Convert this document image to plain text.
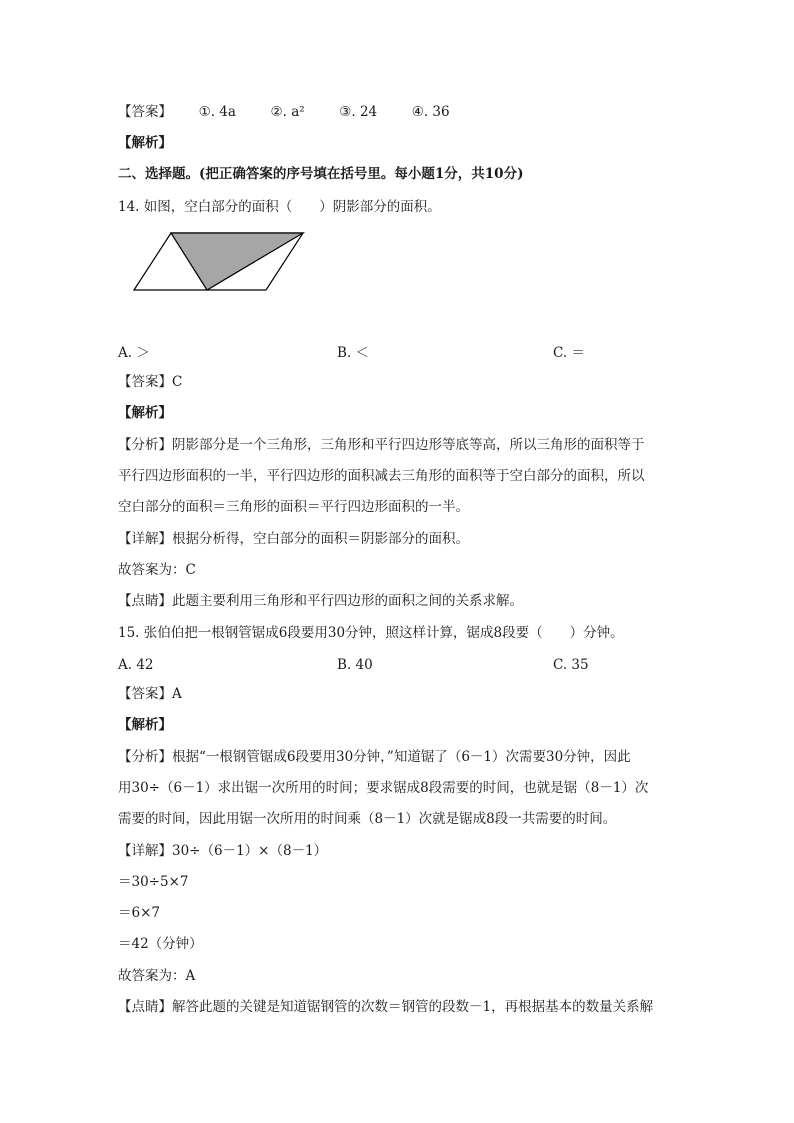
【答案】 ①. 4a	②. a²	③. 24	④. 36
【解析】
二、选择题。(把正确答案的序号填在括号里。每小题1分，共10分)
14. 如图，空白部分的面积（　　）阴影部分的面积。
A. ＞	B. ＜	C. ＝
【答案】C
【解析】
【分析】阴影部分是一个三角形，三角形和平行四边形等底等高，所以三角形的面积等于
平行四边形面积的一半，平行四边形的面积减去三角形的面积等于空白部分的面积，所以
空白部分的面积＝三角形的面积＝平行四边形面积的一半。
【详解】根据分析得，空白部分的面积＝阴影部分的面积。
故答案为：C
【点睛】此题主要利用三角形和平行四边形的面积之间的关系求解。
15. 张伯伯把一根钢管锯成6段要用30分钟，照这样计算，锯成8段要（　　）分钟。
A. 42	B. 40	C. 35
【答案】A
【解析】
【分析】根据“一根钢管锯成6段要用30分钟，”知道锯了（6－1）次需要30分钟，因此
用30÷（6－1）求出锯一次所用的时间；要求锯成8段需要的时间，也就是锯（8－1）次
需要的时间，因此用锯一次所用的时间乘（8－1）次就是锯成8段一共需要的时间。
【详解】30÷（6－1）×（8－1）
＝30÷5×7
＝6×7
＝42（分钟）
故答案为：A
【点睛】解答此题的关键是知道锯钢管的次数＝钢管的段数－1，再根据基本的数量关系解
